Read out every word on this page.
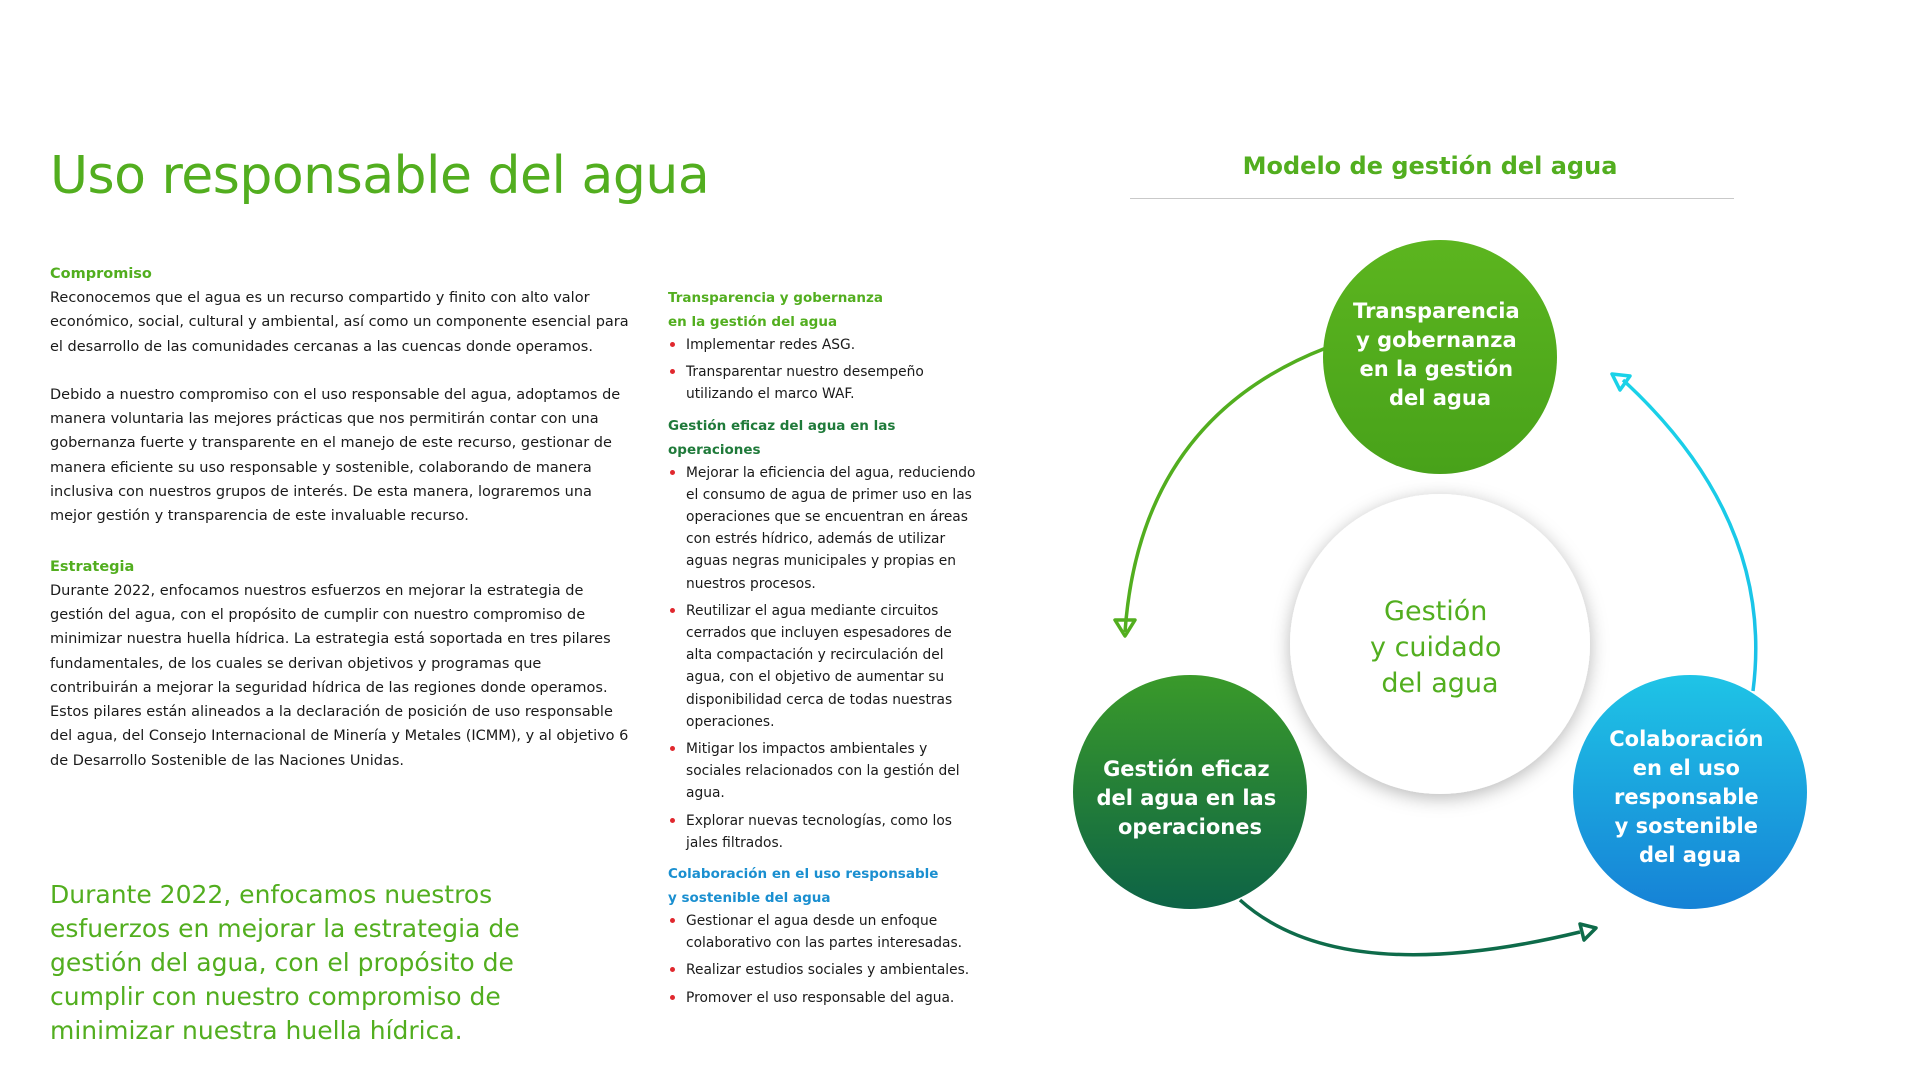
Uso responsable del agua

Compromiso

Reconocemos que el agua es un recurso compartido y finito con alto valor económico, social, cultural y ambiental, así como un componente esencial para el desarrollo de las comunidades cercanas a las cuencas donde operamos.

Debido a nuestro compromiso con el uso responsable del agua, adoptamos de manera voluntaria las mejores prácticas que nos permitirán contar con una gobernanza fuerte y transparente en el manejo de este recurso, gestionar de manera eficiente su uso responsable y sostenible, colaborando de manera inclusiva con nuestros grupos de interés. De esta manera, lograremos una mejor gestión y transparencia de este invaluable recurso.

Estrategia

Durante 2022, enfocamos nuestros esfuerzos en mejorar la estrategia de gestión del agua, con el propósito de cumplir con nuestro compromiso de minimizar nuestra huella hídrica. La estrategia está soportada en tres pilares fundamentales, de los cuales se derivan objetivos y programas que contribuirán a mejorar la seguridad hídrica de las regiones donde operamos. Estos pilares están alineados a la declaración de posición de uso responsable del agua, del Consejo Internacional de Minería y Metales (ICMM), y al objetivo 6 de Desarrollo Sostenible de las Naciones Unidas.

Durante 2022, enfocamos nuestros esfuerzos en mejorar la estrategia de gestión del agua, con el propósito de cumplir con nuestro compromiso de minimizar nuestra huella hídrica.

Transparencia y gobernanza
en la gestión del agua

Implementar redes ASG.
Transparentar nuestro desempeño utilizando el marco WAF.

Gestión eficaz del agua en las operaciones

Mejorar la eficiencia del agua, reduciendo el consumo de agua de primer uso en las operaciones que se encuentran en áreas con estrés hídrico, además de utilizar aguas negras municipales y propias en nuestros procesos.
Reutilizar el agua mediante circuitos cerrados que incluyen espesadores de alta compactación y recirculación del agua, con el objetivo de aumentar su disponibilidad cerca de todas nuestras operaciones.
Mitigar los impactos ambientales y sociales relacionados con la gestión del agua.
Explorar nuevas tecnologías, como los jales filtrados.

Colaboración en el uso responsable
y sostenible del agua

Gestionar el agua desde un enfoque colaborativo con las partes interesadas.
Realizar estudios sociales y ambientales.
Promover el uso responsable del agua.
Modelo de gestión del agua
Gestión y cuidado del agua
Transparencia y gobernanza en la gestión del agua
Gestión eficaz del agua en las operaciones
Colaboración en el uso responsable y sostenible del agua
